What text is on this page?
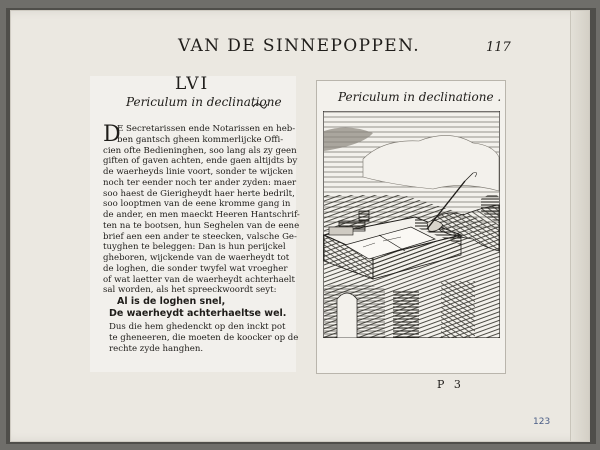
VAN DE SINNEPOPPEN.	117
LVI
Periculum in declinatione
D
E Secretarissen ende Notarissen en heb-
ben gantsch gheen kommerlijcke Offi-
cien ofte Bedieninghen, soo lang als zy geen
giften of gaven achten, ende gaen altijdts by
de waerheyds linie voort, sonder te wijcken
noch ter eender noch ter ander zyden: maer
soo haest de Gierigheydt haer herte bedrilt,
soo looptmen van de eene kromme gang in
de ander, en men maeckt Heeren Hantschrif-
ten na te bootsen, hun Seghelen van de eene
brief aen een ander te steecken, valsche Ge-
tuyghen te beleggen: Dan is hun perijckel
gheboren, wijckende van de waerheydt tot
de loghen, die sonder twyfel wat vroegher
of wat laetter van de waerheydt achterhaelt
sal worden, als het spreeckwoordt seyt:
Al is de loghen snel,
De waerheydt achterhaeltse wel.
Dus die hem ghedenckt op den inckt pot
te gheneeren, die moeten de koocker op de
rechte zyde hanghen.
Periculum in declinatione .
P 3
123
